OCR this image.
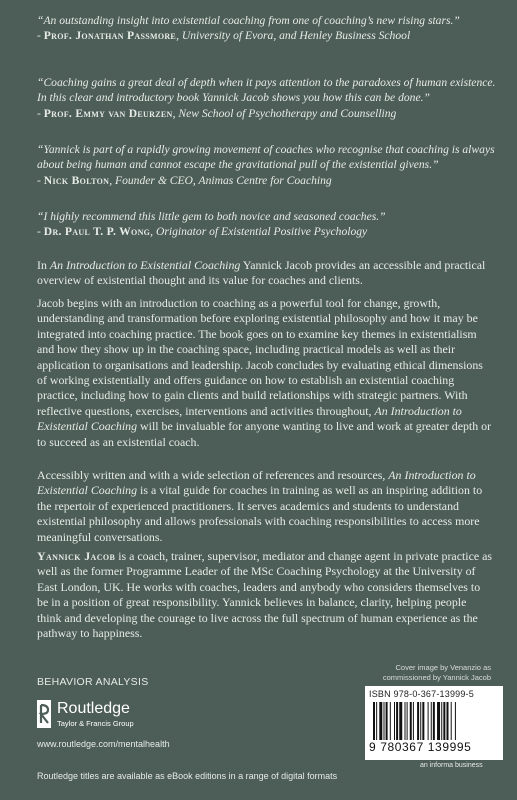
“An outstanding insight into existential coaching from one of coaching’s new rising stars.”
- Prof. Jonathan Passmore, University of Evora, and Henley Business School
“Coaching gains a great deal of depth when it pays attention to the paradoxes of human existence. In this clear and introductory book Yannick Jacob shows you how this can be done.”
- Prof. Emmy van Deurzen, New School of Psychotherapy and Counselling
“Yannick is part of a rapidly growing movement of coaches who recognise that coaching is always about being human and cannot escape the gravitational pull of the existential givens.”
- Nick Bolton, Founder & CEO, Animas Centre for Coaching
“I highly recommend this little gem to both novice and seasoned coaches.”
- Dr. Paul T. P. Wong, Originator of Existential Positive Psychology

In An Introduction to Existential Coaching Yannick Jacob provides an accessible and practical overview of existential thought and its value for coaches and clients.

Jacob begins with an introduction to coaching as a powerful tool for change, growth, understanding and transformation before exploring existential philosophy and how it may be integrated into coaching practice. The book goes on to examine key themes in existentialism and how they show up in the coaching space, including practical models as well as their application to organisations and leadership. Jacob concludes by evaluating ethical dimensions of working existentially and offers guidance on how to establish an existential coaching practice, including how to gain clients and build relationships with strategic partners. With reflective questions, exercises, interventions and activities throughout, An Introduction to Existential Coaching will be invaluable for anyone wanting to live and work at greater depth or to succeed as an existential coach.

Accessibly written and with a wide selection of references and resources, An Introduction to Existential Coaching is a vital guide for coaches in training as well as an inspiring addition to the repertoir of experienced practitioners. It serves academics and students to understand existential philosophy and allows professionals with coaching responsibilities to access more meaningful conversations.

Yannick Jacob is a coach, trainer, supervisor, mediator and change agent in private practice as well as the former Programme Leader of the MSc Coaching Psychology at the University of East London, UK. He works with coaches, leaders and anybody who considers themselves to be in a position of great responsibility. Yannick believes in balance, clarity, helping people think and developing the courage to live across the full spectrum of human experience as the pathway to happiness.

BEHAVIOR ANALYSIS
Routledge
Taylor & Francis Group
www.routledge.com/mentalhealth
Routledge titles are available as eBook editions in a range of digital formats
Cover image by Venanzio as commissioned by Yannick Jacob
ISBN 978-0-367-13999-5
9 780367 139995
an informa business
